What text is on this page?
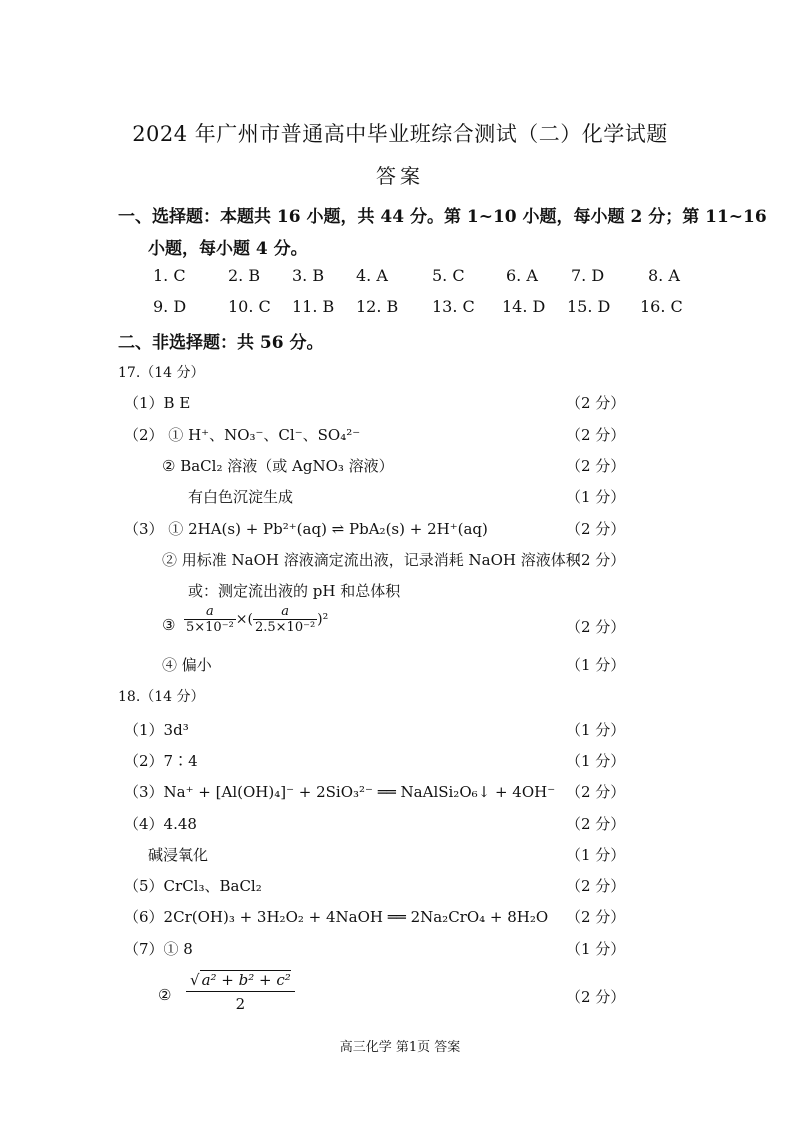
2024 年广州市普通高中毕业班综合测试（二）化学试题
答案
一、选择题：本题共 16 小题，共 44 分。第 1~10 小题，每小题 2 分；第 11~16
小题，每小题 4 分。
1. C	2. B 3. B 4. A	5. C	6. A 7. D	8. A
9. D	10. C 11. B 12. B 13. C 14. D 15. D 16. C
二、非选择题：共 56 分。
17.（14 分）
（1）B E	（2 分）
（2） ① H⁺、NO₃⁻、Cl⁻、SO₄²⁻	（2 分）
② BaCl₂ 溶液（或 AgNO₃ 溶液）	（2 分）
有白色沉淀生成	（1 分）
（3） ① 2HA(s) + Pb²⁺(aq) ⇌ PbA₂(s) + 2H⁺(aq)	（2 分）
② 用标准 NaOH 溶液滴定流出液，记录消耗 NaOH 溶液体积
（2 分）
或：测定流出液的 pH 和总体积
③ $\frac{a}{\text{5×10⁻²}}$ ×( $\frac{a}{\text{2.5×10⁻²}} )^2$	（2 分）
④ 偏小	（1 分）
18.（14 分）
（1）3d³	（1 分）
（2）7∶4	（1 分）
（3）Na⁺ + [Al(OH)₄]⁻ + 2SiO₃²⁻ ══ NaAlSi₂O₆↓ + 4OH⁻ （2 分）
（4）4.48	（2 分）
碱浸氧化	（1 分）
（5）CrCl₃、BaCl₂	（2 分）
（6）2Cr(OH)₃ + 3H₂O₂ + 4NaOH ══ 2Na₂CrO₄ + 8H₂O （2 分）
（7）① 8	（1 分）
② $\frac{\text{√ a² + b² + c²}}{2}$	（2 分）
高三化学 第1页 答案
